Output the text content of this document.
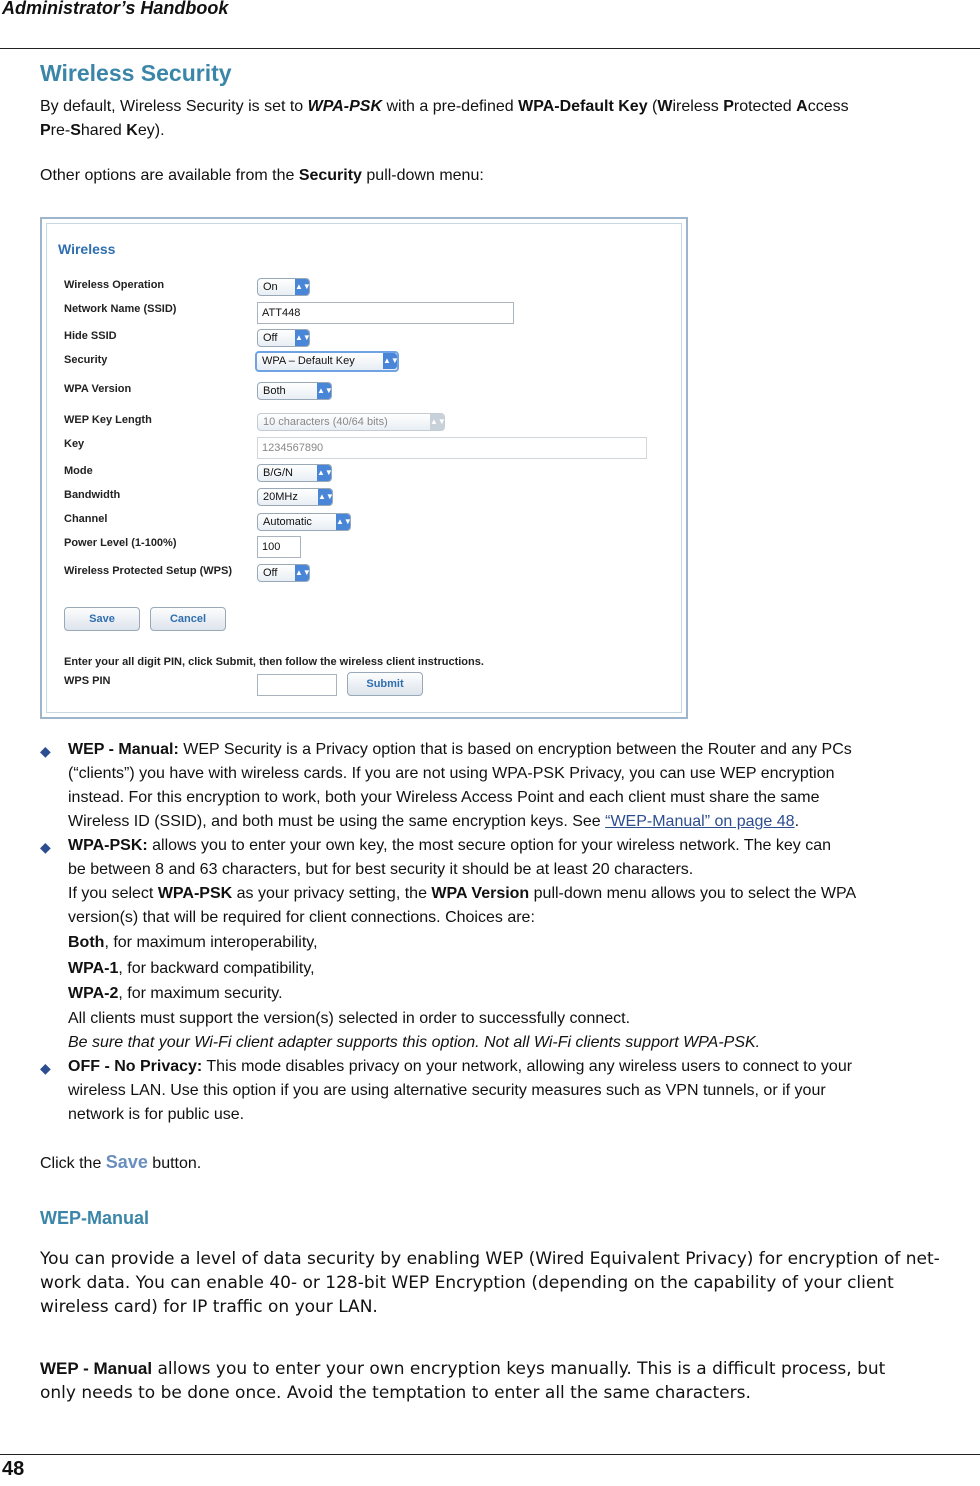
Administrator’s Handbook
Wireless Security
By default, Wireless Security is set to WPA-PSK with a pre-defined WPA-Default Key (Wireless Protected Access
Pre-Shared Key).
Other options are available from the Security pull-down menu:
Wireless
Wireless Operation	On ▲▼
Network Name (SSID)	ATT448
Hide SSID	Off ▲▼
Security	WPA – Default Key	▲▼
WPA Version	Both	▲▼
WEP Key Length	10 characters (40/64 bits)	▲▼
Key	1234567890
Mode	B/G/N	▲▼
Bandwidth	20MHz	▲▼
Channel	Automatic	▲▼
Power Level (1-100%)	100
Wireless Protected Setup (WPS)	Off ▲▼
Save	Cancel
Enter your all digit PIN, click Submit, then follow the wireless client instructions.
WPS PIN	Submit
◆ WEP - Manual: WEP Security is a Privacy option that is based on encryption between the Router and any PCs
(“clients”) you have with wireless cards. If you are not using WPA-PSK Privacy, you can use WEP encryption
instead. For this encryption to work, both your Wireless Access Point and each client must share the same
Wireless ID (SSID), and both must be using the same encryption keys. See “WEP-Manual” on page 48.
◆ WPA-PSK: allows you to enter your own key, the most secure option for your wireless network. The key can
be between 8 and 63 characters, but for best security it should be at least 20 characters.
If you select WPA-PSK as your privacy setting, the WPA Version pull-down menu allows you to select the WPA
version(s) that will be required for client connections. Choices are:
Both, for maximum interoperability,
WPA-1, for backward compatibility,
WPA-2, for maximum security.
All clients must support the version(s) selected in order to successfully connect.
Be sure that your Wi-Fi client adapter supports this option. Not all Wi-Fi clients support WPA-PSK.
◆ OFF - No Privacy: This mode disables privacy on your network, allowing any wireless users to connect to your
wireless LAN. Use this option if you are using alternative security measures such as VPN tunnels, or if your
network is for public use.
Click the Save button.
WEP-Manual
You can provide a level of data security by enabling WEP (Wired Equivalent Privacy) for encryption of net-
work data. You can enable 40- or 128-bit WEP Encryption (depending on the capability of your client
wireless card) for IP traffic on your LAN.
WEP - Manual allows you to enter your own encryption keys manually. This is a difficult process, but
only needs to be done once. Avoid the temptation to enter all the same characters.
48
